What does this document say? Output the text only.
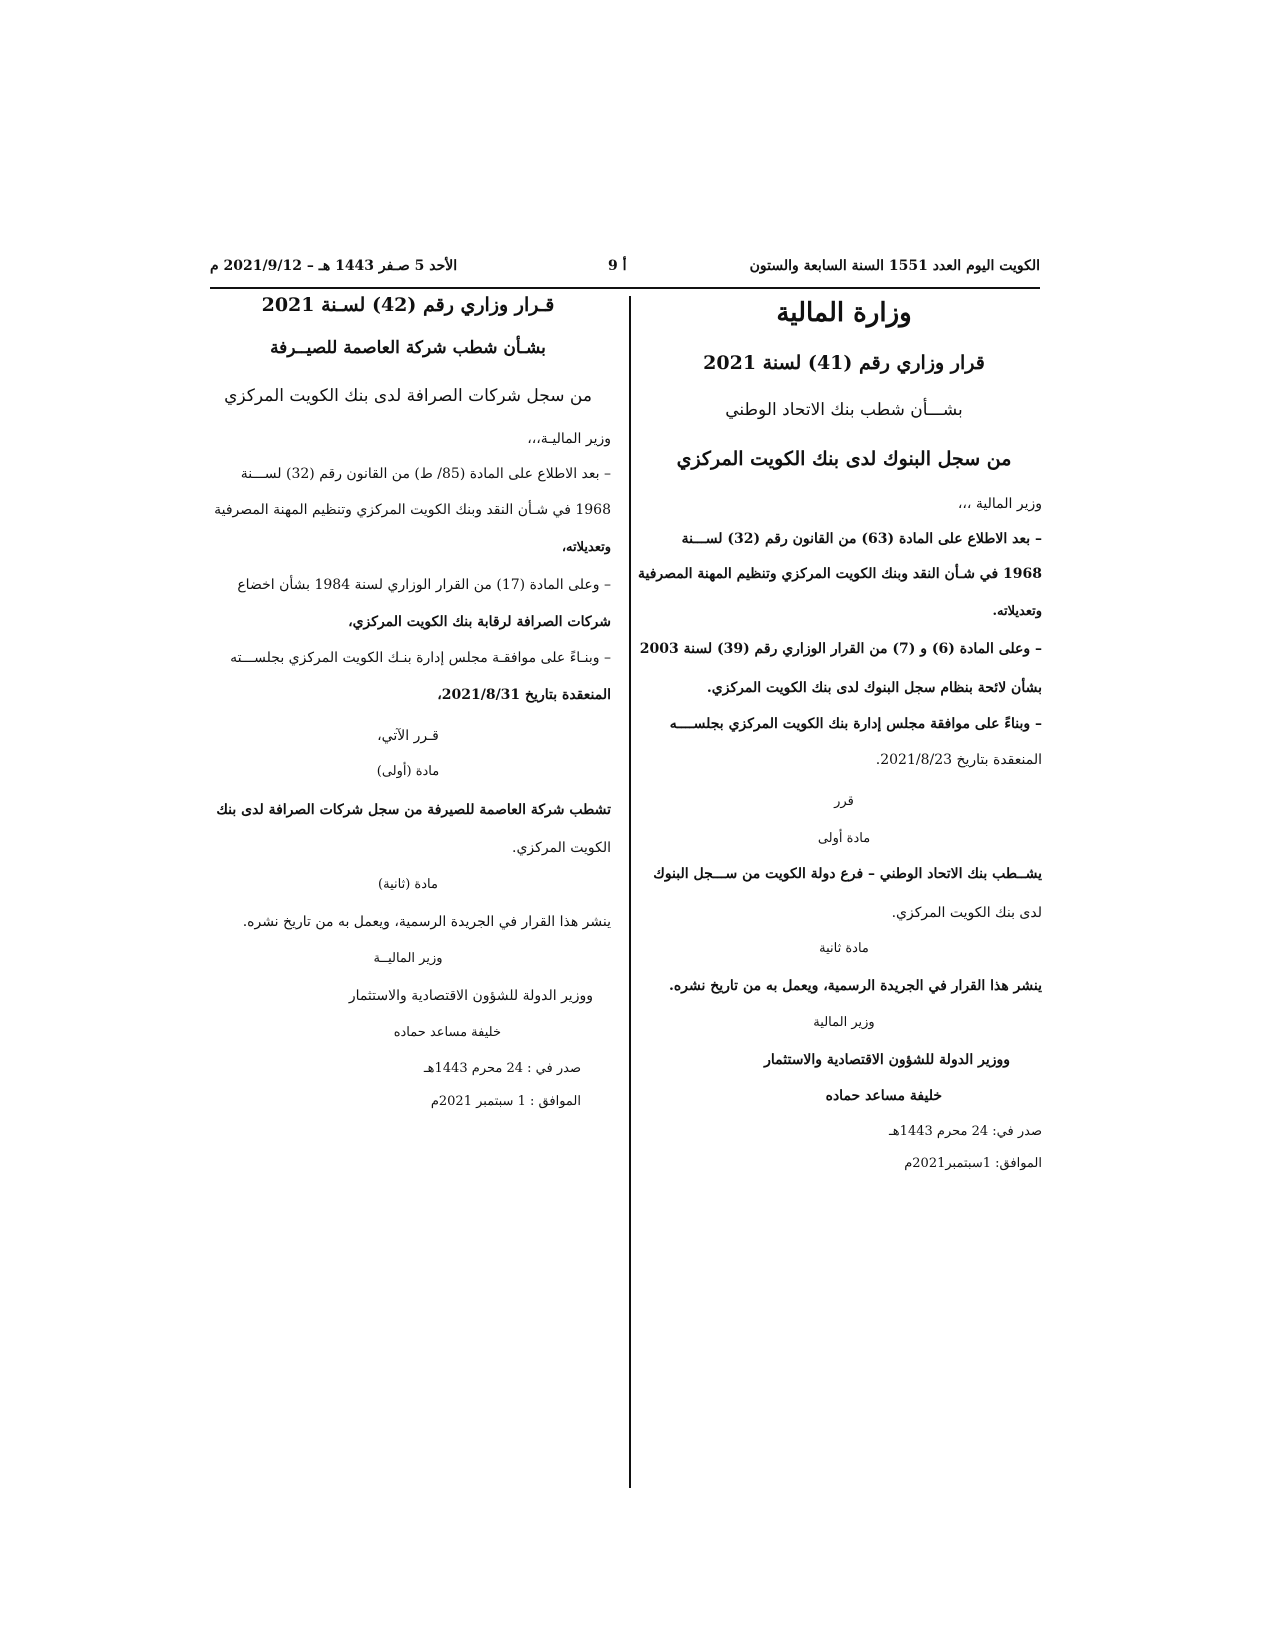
الكويت اليوم العدد 1551 السنة السابعة والستون
أ 9
الأحد 5 صـفر 1443 هـ – 2021/9/12 م
وزارة المالية
قرار وزاري رقم (41) لسنة 2021
بشـــأن شطب بنك الاتحاد الوطني
من سجل البنوك لدى بنك الكويت المركزي
وزير المالية ،،،
– بعد الاطلاع على المادة (63) من القانون رقم (32) لســـنة
1968 في شـأن النقد وبنك الكويت المركزي وتنظيم المهنة المصرفية
وتعديلاته.
– وعلى المادة (6) و (7) من القرار الوزاري رقم (39) لسنة 2003
بشأن لائحة بنظام سجل البنوك لدى بنك الكويت المركزي.
– وبناءً على موافقة مجلس إدارة بنك الكويت المركزي بجلســــه
المنعقدة بتاريخ 2021/8/23.
قرر
مادة أولى
يشــطب بنك الاتحاد الوطني – فرع دولة الكويت من ســـجل البنوك
لدى بنك الكويت المركزي.
مادة ثانية
ينشر هذا القرار في الجريدة الرسمية، ويعمل به من تاريخ نشره.
وزير المالية
ووزير الدولة للشؤون الاقتصادية والاستثمار
خليفة مساعد حماده
صدر في: 24 محرم 1443هـ
الموافق: 1سبتمبر2021م
قـرار وزاري رقم (42) لسـنة 2021
بشـأن شطب شركة العاصمة للصيــرفة
من سجل شركات الصرافة لدى بنك الكويت المركزي
وزير الماليـة،،،
– بعد الاطلاع على المادة (85/ ط) من القانون رقم (32) لســـنة
1968 في شـأن النقد وبنك الكويت المركزي وتنظيم المهنة المصرفية
وتعديلاته،
– وعلى المادة (17) من القرار الوزاري لسنة 1984 بشأن اخضاع
شركات الصرافة لرقابة بنك الكويت المركزي،
– وبنـاءً على موافقـة مجلس إدارة بنـك الكويت المركزي بجلســـته
المنعقدة بتاريخ 2021/8/31،
قـرر الآتي،
مادة (أولى)
تشطب شركة العاصمة للصيرفة من سجل شركات الصرافة لدى بنك
الكويت المركزي.
مادة (ثانية)
ينشر هذا القرار في الجريدة الرسمية، ويعمل به من تاريخ نشره.
وزير الماليــة
ووزير الدولة للشؤون الاقتصادية والاستثمار
خليفة مساعد حماده
صدر في : 24 محرم 1443هـ
الموافق : 1 سبتمبر 2021م
